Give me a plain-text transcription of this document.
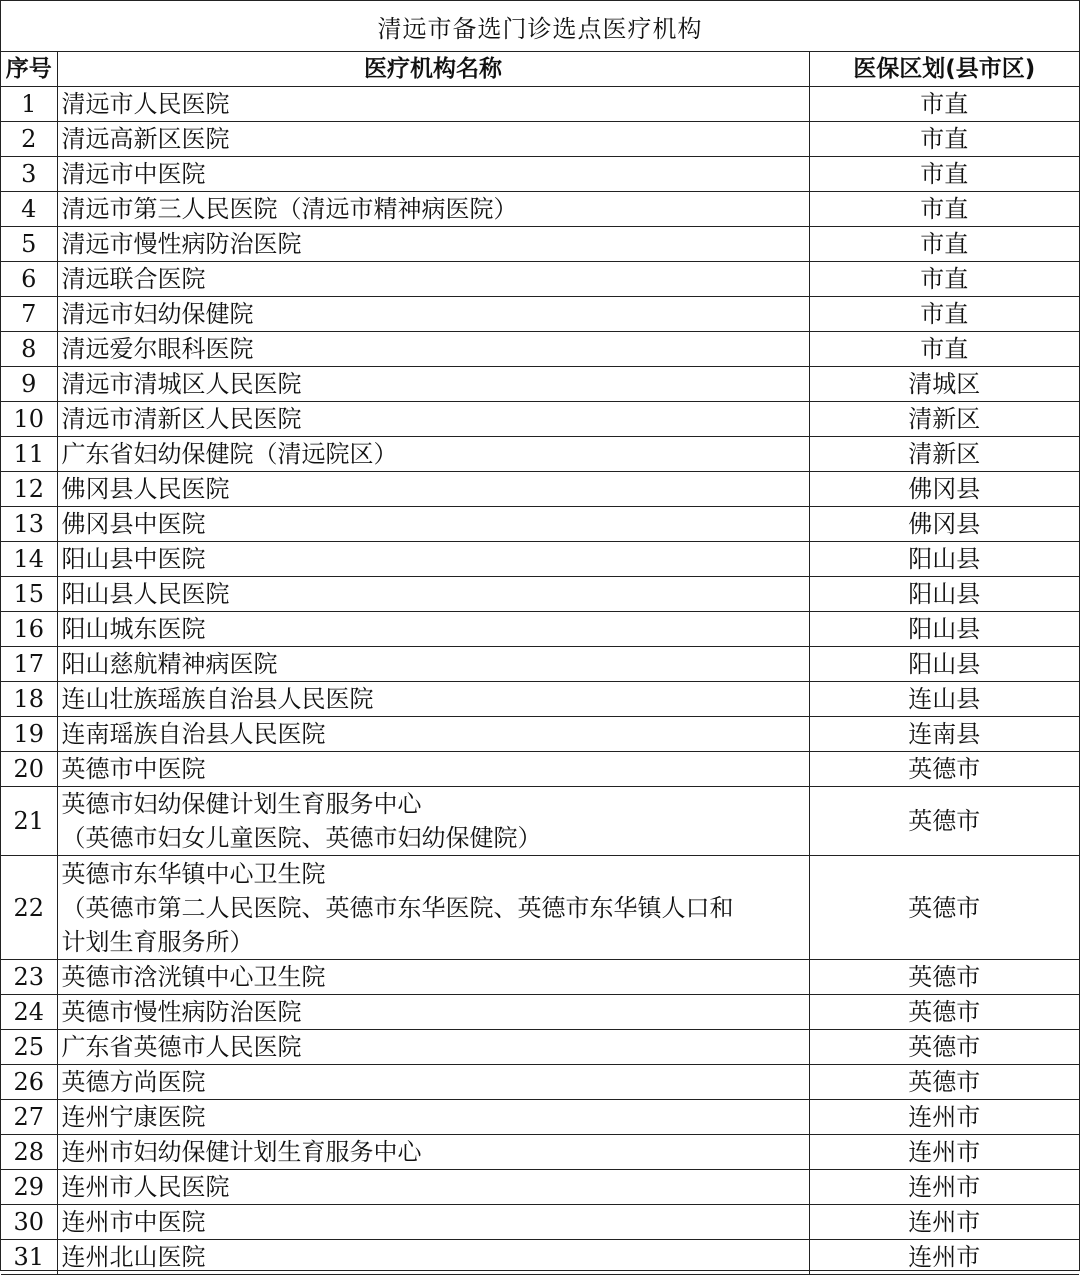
清远市备选门诊选点医疗机构
序号	医疗机构名称	医保区划(县市区)
1	清远市人民医院	市直
2	清远高新区医院	市直
3	清远市中医院	市直
4	清远市第三人民医院（清远市精神病医院）	市直
5	清远市慢性病防治医院	市直
6	清远联合医院	市直
7	清远市妇幼保健院	市直
8	清远爱尔眼科医院	市直
9	清远市清城区人民医院	清城区
10	清远市清新区人民医院	清新区
11	广东省妇幼保健院（清远院区）	清新区
12	佛冈县人民医院	佛冈县
13	佛冈县中医院	佛冈县
14	阳山县中医院	阳山县
15	阳山县人民医院	阳山县
16	阳山城东医院	阳山县
17	阳山慈航精神病医院	阳山县
18	连山壮族瑶族自治县人民医院	连山县
19	连南瑶族自治县人民医院	连南县
20	英德市中医院	英德市
21	英德市妇幼保健计划生育服务中心
（英德市妇女儿童医院、英德市妇幼保健院）	英德市
22	英德市东华镇中心卫生院
（英德市第二人民医院、英德市东华医院、英德市东华镇人口和
计划生育服务所）	英德市
23	英德市浛洸镇中心卫生院	英德市
24	英德市慢性病防治医院	英德市
25	广东省英德市人民医院	英德市
26	英德方尚医院	英德市
27	连州宁康医院	连州市
28	连州市妇幼保健计划生育服务中心	连州市
29	连州市人民医院	连州市
30	连州市中医院	连州市
31	连州北山医院	连州市
